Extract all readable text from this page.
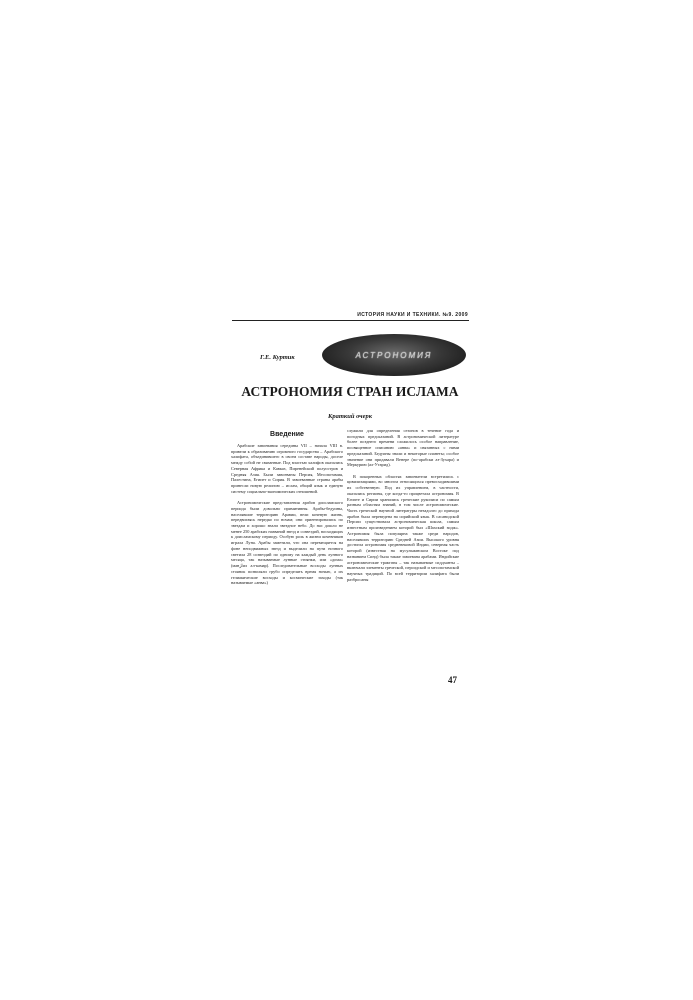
ИСТОРИЯ НАУКИ И ТЕХНИКИ. №9. 2009
АСТРОНОМИЯ
Г.Е. Куртик
АСТРОНОМИЯ СТРАН ИСЛАМА
Краткий очерк
Введение

Арабские завоевания середины VII – начала VIII в. привели к образованию огромного государства – Арабского халифата, объединившего в своем составе народы, доселе между собой не связанные. Под властью халифов оказались Северная Африка и Кавказ, Пиренейский полуостров и Средняя Азия. Были завоеваны Персия, Месопотамия, Палестина, Египет и Сирия. В завоеванные страны арабы принесли новую религию – ислам, общий язык и единую систему социально-экономических отношений.

Астрономические представления арабов доисламского периода были довольно примитивны. Арабы-бедуины, населявшие территорию Аравии, вели кочевую жизнь, передвигаясь нередко по ночам; они ориентировались по звездам и хорошо знали звездное небо. До нас дошло не менее 250 арабских названий звезд и созвездий, восходящих к доисламскому периоду. Особую роль в жизни кочевников играла Луна. Арабы заметили, что она перемещается на фоне неподвижных звезд и выделили на пути ночного светила 28 созвездий по одному на каждый день лунного месяца, так называемые лунные стоянки, или «дома» (манازил ал-камар). Последовательные восходы лунных стоянок позволяли грубо определять время ночью, а их гелиакические восходы и космические заходы (так называемые «анва»)

служили для определения сезонов в течение года и погодных предсказаний. В астрономической литературе более позднего времени сложилось особое направление, посвященное описанию «анва» и связанных с ними предсказаний. Бедуины знали и некоторые планеты; особое значение они придавали Венере (по-арабски аз-Зухара) и Меркурию (ал-Утарид).

В покоренных областях завоеватели встретились с цивилизациями, во многом относящихся превосходившими их собственную. Под их управлением, в частности, оказались регионы, где когда-то процветала астрономия. В Египте и Сирии хранились греческие рукописи по самым разным областям знаний, в том числе астрономические. Часть греческой научной литературы незадолго до прихода арабов была переведена на сирийский язык. В сасанидской Персии существовала астрономическая школа, самым известным произведением которой был «Шахский зидж». Астрономия была популярна также среди народов, населявших территорию Средней Азии. Высокого уровня достигла астрономия средневековой Индии, северная часть которой (известная на мусульманском Востоке под названием Синд) была также завоевана арабами. Индийские астрономические трактаты – так называемые сиддханты – включали элементы греческой, персидской и месопотамской научных традиций. По всей территории халифата были разбросаны

47
